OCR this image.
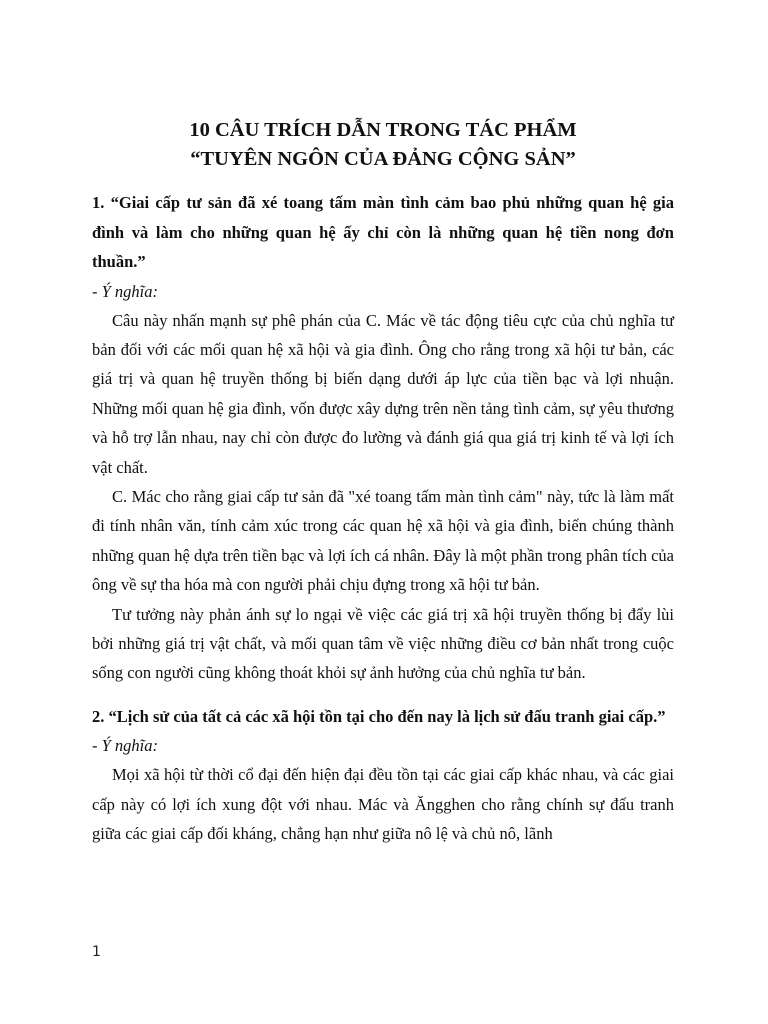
10 CÂU TRÍCH DẪN TRONG TÁC PHẨM
“TUYÊN NGÔN CỦA ĐẢNG CỘNG SẢN”

1. “Giai cấp tư sản đã xé toang tấm màn tình cảm bao phủ những quan hệ gia đình và làm cho những quan hệ ấy chỉ còn là những quan hệ tiền nong đơn thuần.”

- Ý nghĩa:

Câu này nhấn mạnh sự phê phán của C. Mác về tác động tiêu cực của chủ nghĩa tư bản đối với các mối quan hệ xã hội và gia đình. Ông cho rằng trong xã hội tư bản, các giá trị và quan hệ truyền thống bị biến dạng dưới áp lực của tiền bạc và lợi nhuận. Những mối quan hệ gia đình, vốn được xây dựng trên nền tảng tình cảm, sự yêu thương và hỗ trợ lẫn nhau, nay chỉ còn được đo lường và đánh giá qua giá trị kinh tế và lợi ích vật chất.

C. Mác cho rằng giai cấp tư sản đã "xé toang tấm màn tình cảm" này, tức là làm mất đi tính nhân văn, tính cảm xúc trong các quan hệ xã hội và gia đình, biến chúng thành những quan hệ dựa trên tiền bạc và lợi ích cá nhân. Đây là một phần trong phân tích của ông về sự tha hóa mà con người phải chịu đựng trong xã hội tư bản.

Tư tưởng này phản ánh sự lo ngại về việc các giá trị xã hội truyền thống bị đẩy lùi bởi những giá trị vật chất, và mối quan tâm về việc những điều cơ bản nhất trong cuộc sống con người cũng không thoát khỏi sự ảnh hưởng của chủ nghĩa tư bản.

2. “Lịch sử của tất cả các xã hội tồn tại cho đến nay là lịch sử đấu tranh giai cấp.”

- Ý nghĩa:

Mọi xã hội từ thời cổ đại đến hiện đại đều tồn tại các giai cấp khác nhau, và các giai cấp này có lợi ích xung đột với nhau. Mác và Ăngghen cho rằng chính sự đấu tranh giữa các giai cấp đối kháng, chẳng hạn như giữa nô lệ và chủ nô, lãnh

1
